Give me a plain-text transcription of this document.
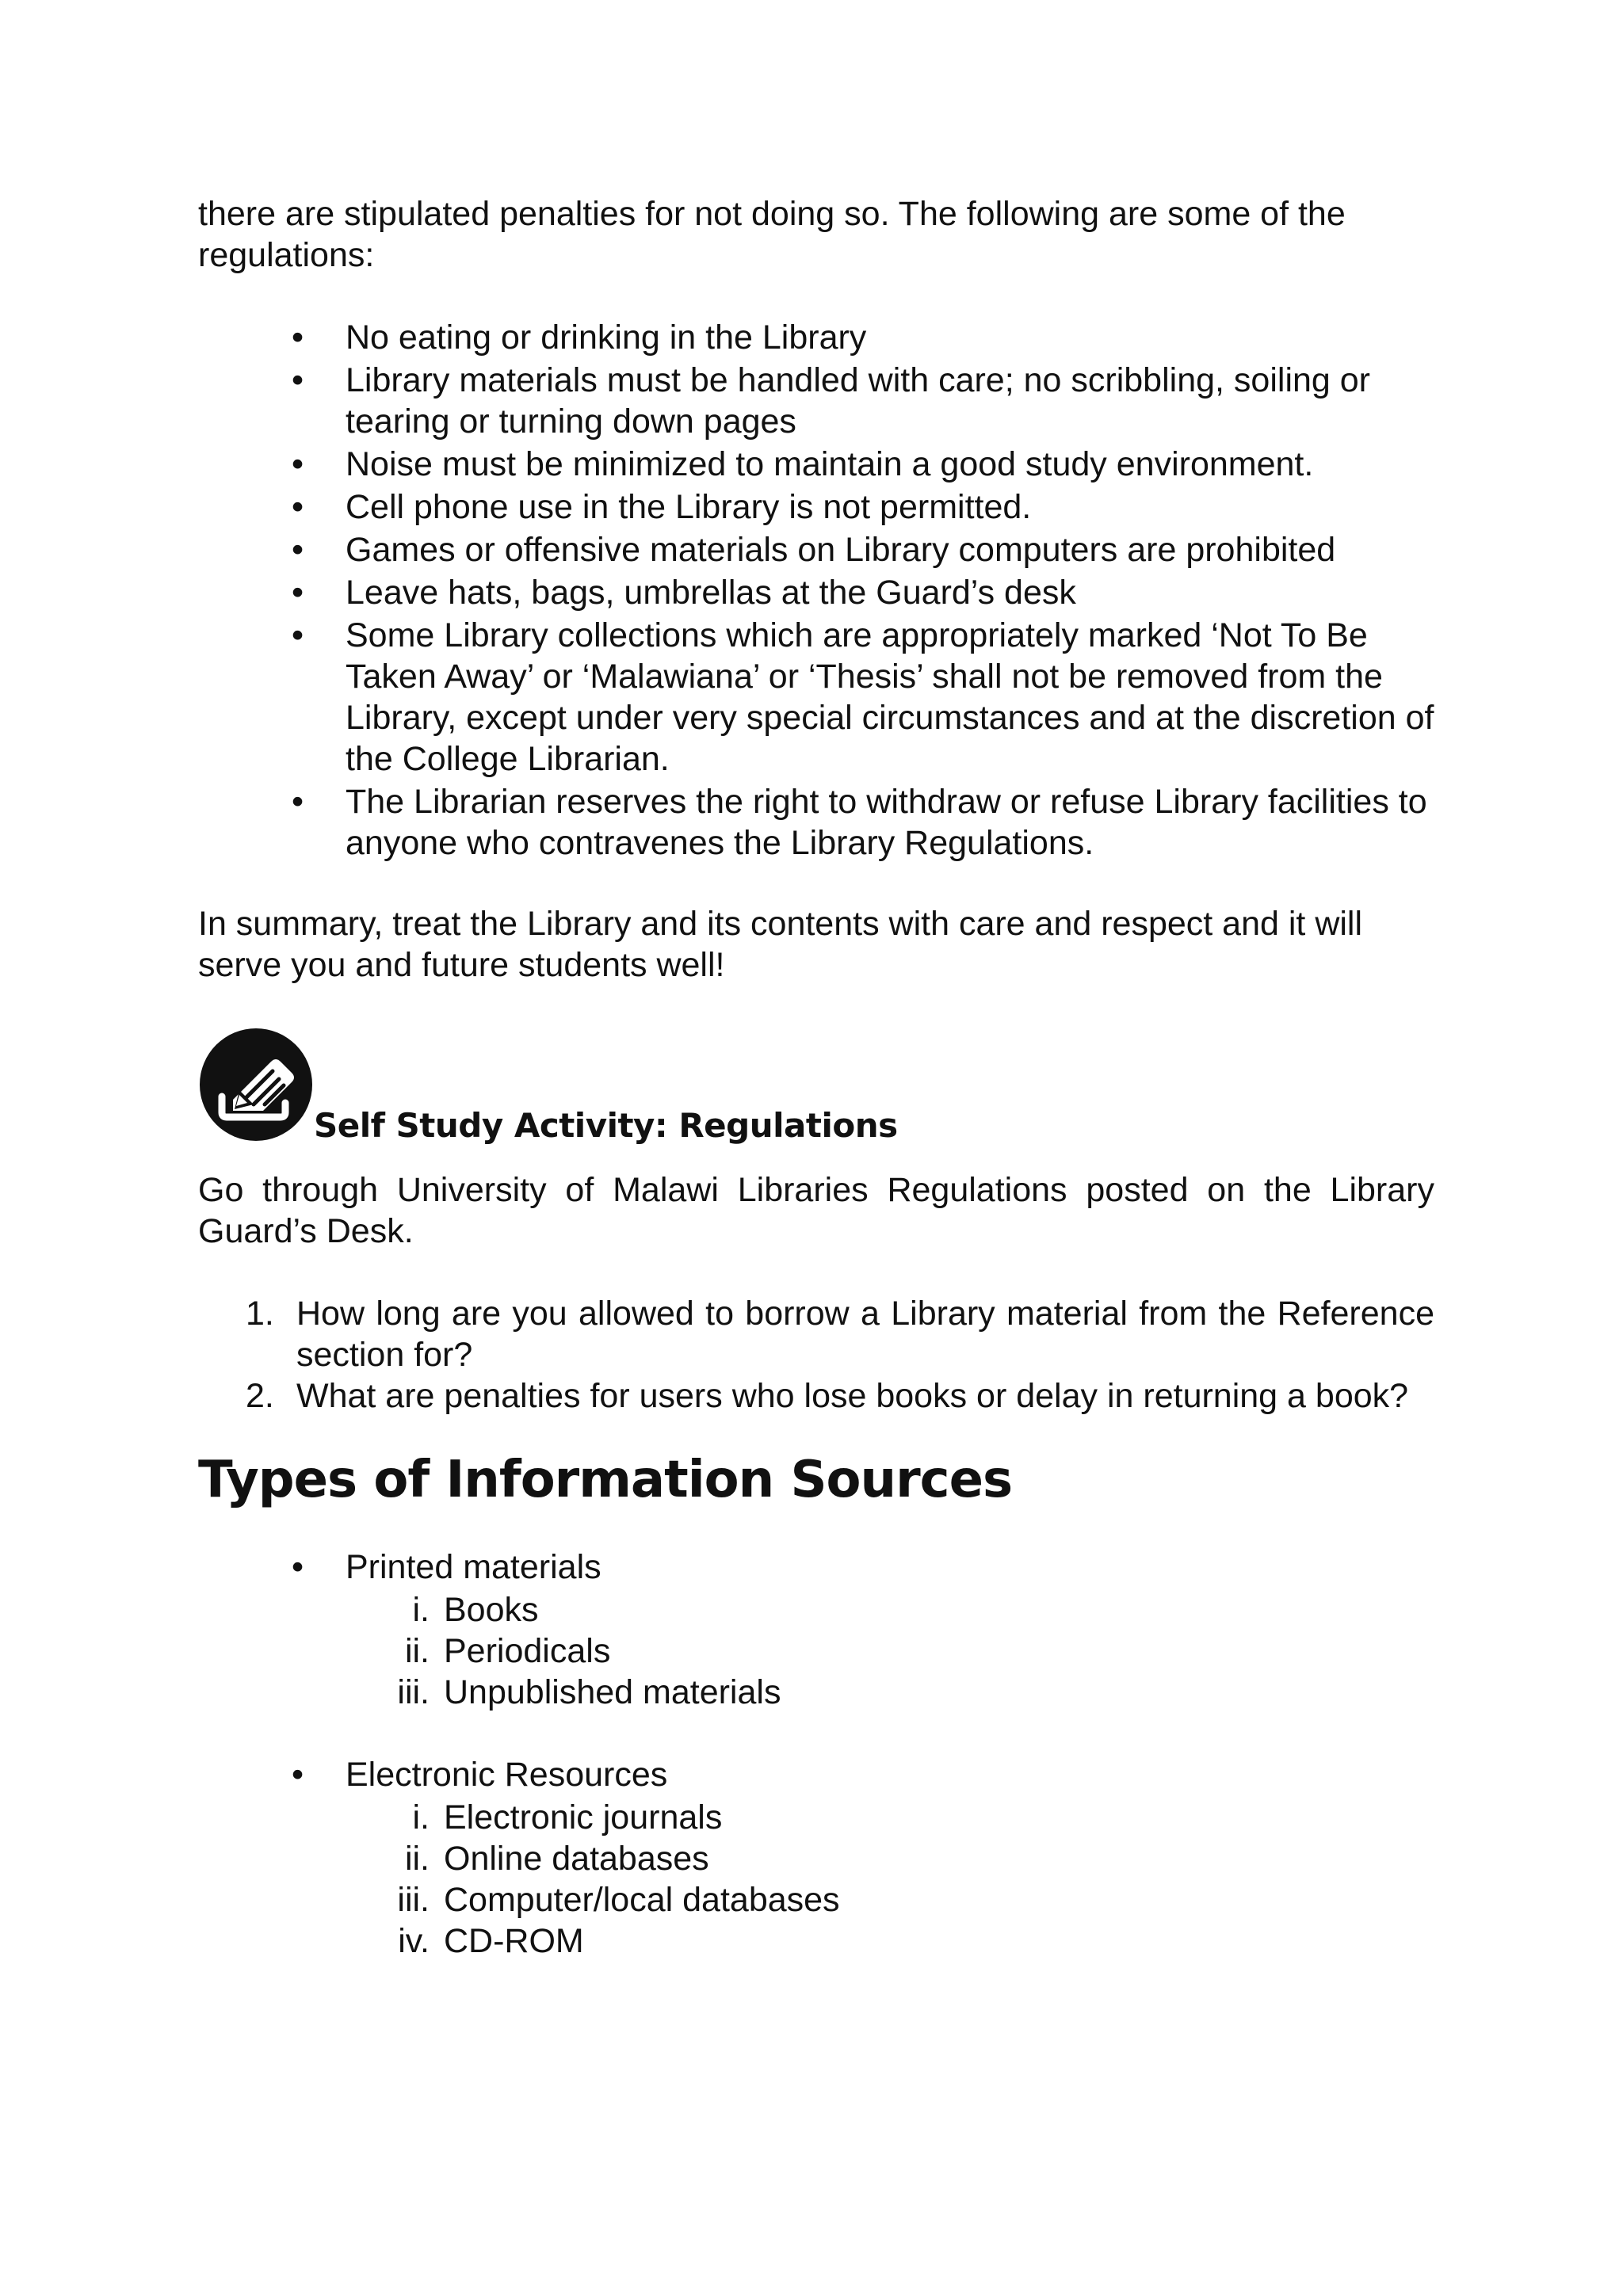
there are stipulated penalties for not doing so. The following are some of the regulations:

• No eating or drinking in the Library
• Library materials must be handled with care; no scribbling, soiling or tearing or turning down pages
• Noise must be minimized to maintain a good study environment.
• Cell phone use in the Library is not permitted.
• Games or offensive materials on Library computers are prohibited
• Leave hats, bags, umbrellas at the Guard’s desk
• Some Library collections which are appropriately marked ‘Not To Be Taken Away’ or ‘Malawiana’ or ‘Thesis’ shall not be removed from the Library, except under very special circumstances and at the discretion of the College Librarian.
• The Librarian reserves the right to withdraw or refuse Library facilities to anyone who contravenes the Library Regulations.

In summary, treat the Library and its contents with care and respect and it will serve you and future students well!

Self Study Activity: Regulations

Go through University of Malawi Libraries Regulations posted on the Library Guard’s Desk.

1. How long are you allowed to borrow a Library material from the Reference section for?
2. What are penalties for users who lose books or delay in returning a book?
Types of Information Sources
• Printed materials
i. Books
ii. Periodicals
iii. Unpublished materials
• Electronic Resources
i. Electronic journals
ii. Online databases
iii. Computer/local databases
iv. CD-ROM
